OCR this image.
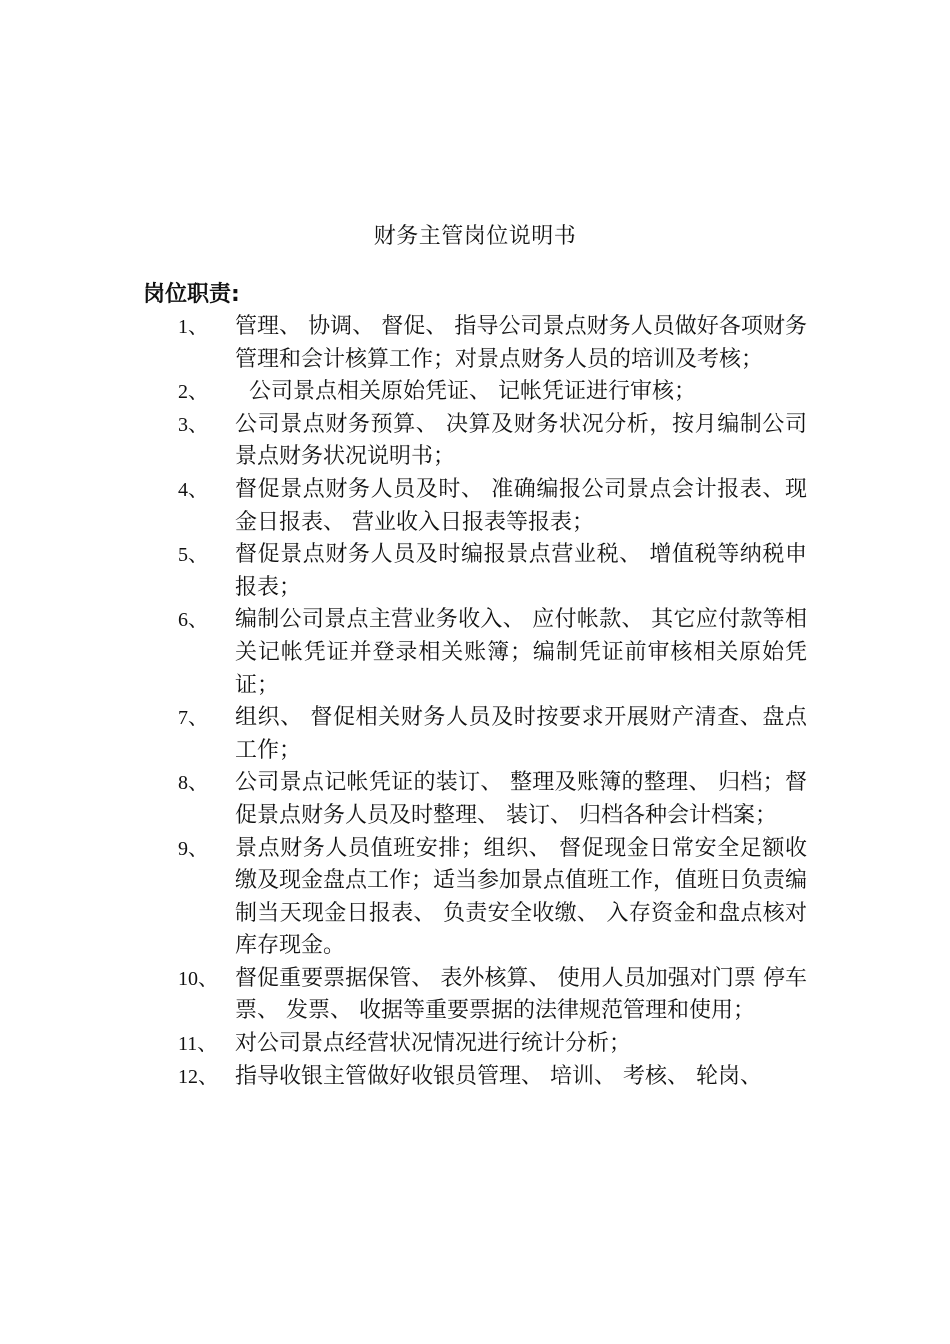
财务主管岗位说明书
岗位职责:
1、	管理、 协调、 督促、 指导公司景点财务人员做好各项财务管理和会计核算工作；对景点财务人员的培训及考核；
2、	公司景点相关原始凭证、 记帐凭证进行审核；
3、	公司景点财务预算、 决算及财务状况分析，按月编制公司景点财务状况说明书；
4、	督促景点财务人员及时、 准确编报公司景点会计报表、现金日报表、 营业收入日报表等报表；
5、	督促景点财务人员及时编报景点营业税、 增值税等纳税申报表；
6、	编制公司景点主营业务收入、 应付帐款、 其它应付款等相关记帐凭证并登录相关账簿；编制凭证前审核相关原始凭证；
7、	组织、 督促相关财务人员及时按要求开展财产清查、盘点工作；
8、	公司景点记帐凭证的装订、 整理及账簿的整理、 归档；督促景点财务人员及时整理、 装订、 归档各种会计档案；
9、	景点财务人员值班安排；组织、 督促现金日常安全足额收缴及现金盘点工作；适当参加景点值班工作，值班日负责编制当天现金日报表、 负责安全收缴、 入存资金和盘点核对库存现金。
10、 督促重要票据保管、 表外核算、 使用人员加强对门票 停车票、 发票、 收据等重要票据的法律规范管理和使用；
11、 对公司景点经营状况情况进行统计分析；
12、 指导收银主管做好收银员管理、 培训、 考核、 轮岗、
